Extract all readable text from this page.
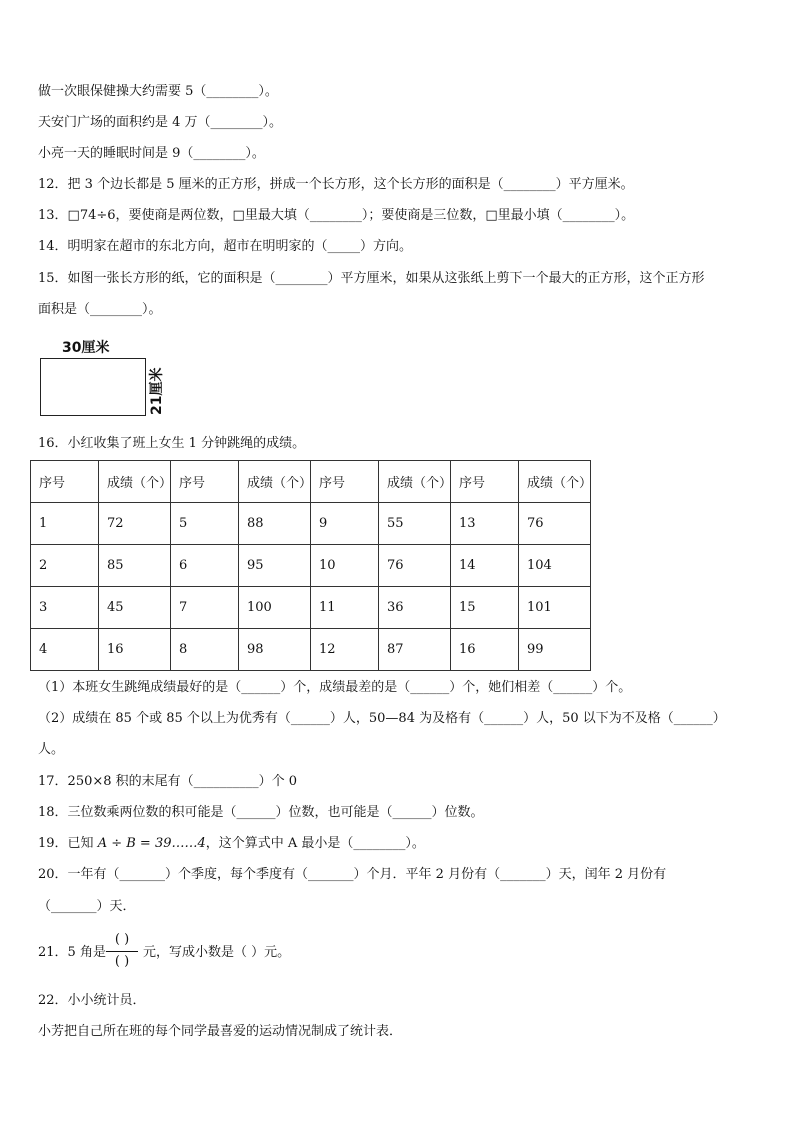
做一次眼保健操大约需要 5（________）。
天安门广场的面积约是 4 万（________）。
小亮一天的睡眠时间是 9（________）。
12．把 3 个边长都是 5 厘米的正方形，拼成一个长方形，这个长方形的面积是（________）平方厘米。
13．□74÷6，要使商是两位数，□里最大填（________）；要使商是三位数，□里最小填（________）。
14．明明家在超市的东北方向，超市在明明家的（_____）方向。
15．如图一张长方形的纸，它的面积是（________）平方厘米，如果从这张纸上剪下一个最大的正方形，这个正方形
面积是（________）。
30厘米
21厘米
16．小红收集了班上女生 1 分钟跳绳的成绩。
序号	成绩（个）	序号	成绩（个）	序号	成绩（个）	序号	成绩（个）
1	72	5	88	9	55	13	76
2	85	6	95	10	76	14	104
3	45	7	100	11	36	15	101
4	16	8	98	12	87	16	99
（1）本班女生跳绳成绩最好的是（______）个，成绩最差的是（______）个，她们相差（______）个。
（2）成绩在 85 个或 85 个以上为优秀有（______）人，50—84 为及格有（______）人，50 以下为不及格（______）
人。
17．250×8 积的末尾有（__________）个 0
18．三位数乘两位数的积可能是（______）位数，也可能是（______）位数。
19．已知 A ÷ B = 39……4，这个算式中 A 最小是（________）。
20．一年有（_______）个季度，每个季度有（_______）个月．平年 2 月份有（_______）天，闰年 2 月份有
（_______）天．
21．5 角是
( )
( )
元，写成小数是（ ）元。
22．小小统计员．
小芳把自己所在班的每个同学最喜爱的运动情况制成了统计表．
